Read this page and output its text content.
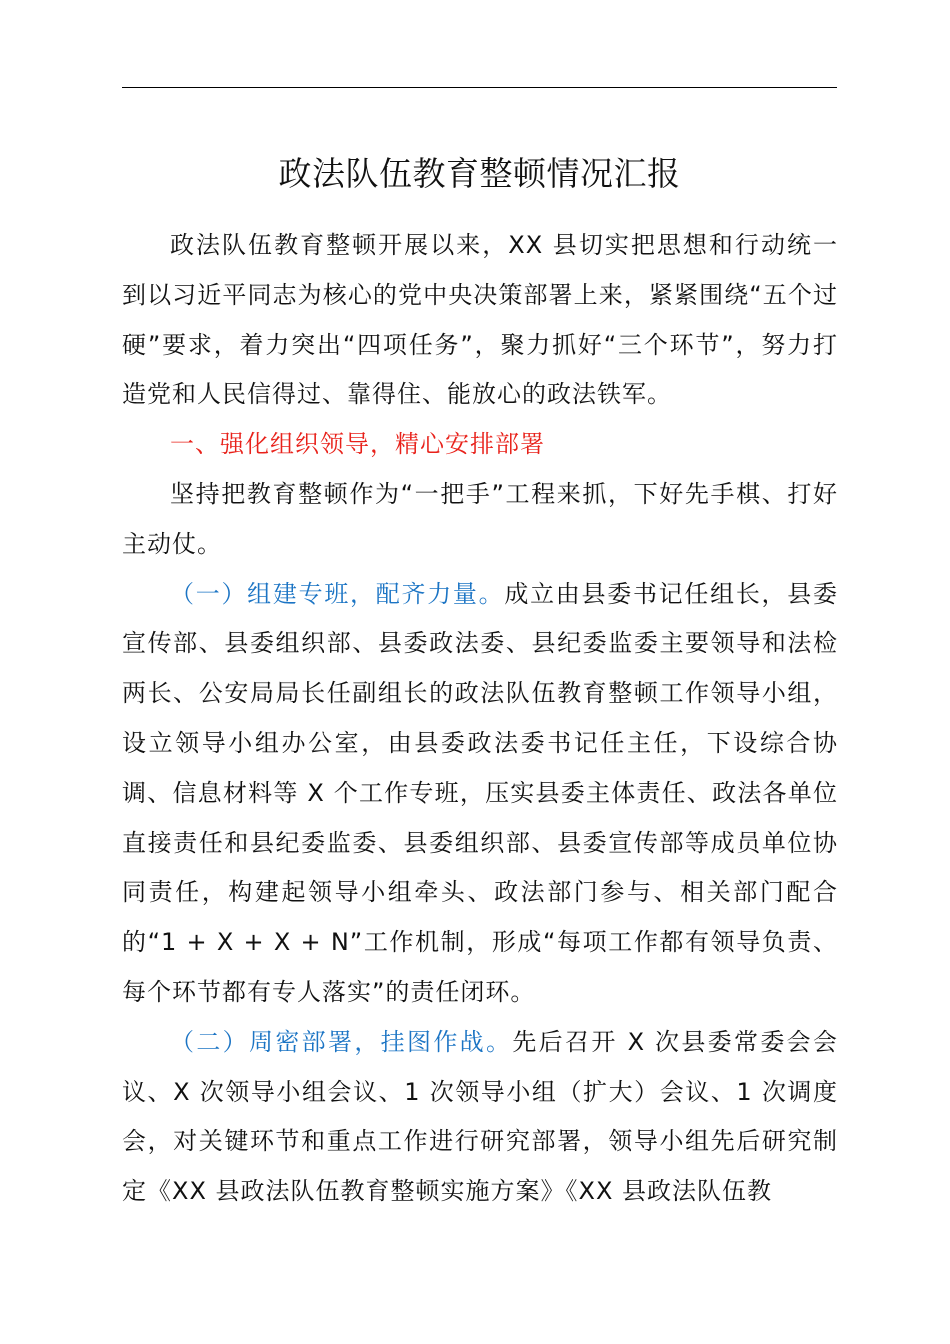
政法队伍教育整顿情况汇报

政法队伍教育整顿开展以来，XX 县切实把思想和行动统一到以习近平同志为核心的党中央决策部署上来，紧紧围绕“五个过硬”要求，着力突出“四项任务”，聚力抓好“三个环节”，努力打造党和人民信得过、靠得住、能放心的政法铁军。

一、强化组织领导，精心安排部署

坚持把教育整顿作为“一把手”工程来抓，下好先手棋、打好主动仗。

（一）组建专班，配齐力量。成立由县委书记任组长，县委宣传部、县委组织部、县委政法委、县纪委监委主要领导和法检两长、公安局局长任副组长的政法队伍教育整顿工作领导小组，设立领导小组办公室，由县委政法委书记任主任，下设综合协调、信息材料等 X 个工作专班，压实县委主体责任、政法各单位直接责任和县纪委监委、县委组织部、县委宣传部等成员单位协同责任，构建起领导小组牵头、政法部门参与、相关部门配合的“1 + X + X + N”工作机制，形成“每项工作都有领导负责、每个环节都有专人落实”的责任闭环。

（二）周密部署，挂图作战。先后召开 X 次县委常委会会议、X 次领导小组会议、1 次领导小组（扩大）会议、1 次调度会，对关键环节和重点工作进行研究部署，领导小组先后研究制定《XX 县政法队伍教育整顿实施方案》《XX 县政法队伍教
